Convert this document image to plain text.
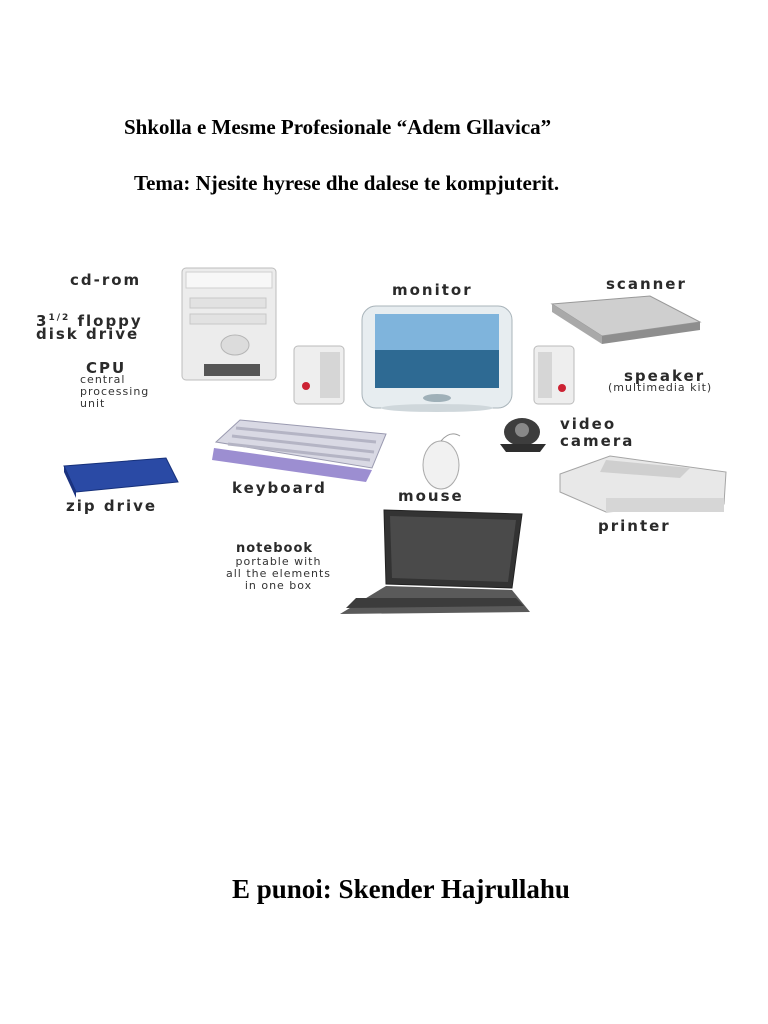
Shkolla e Mesme Profesionale “Adem Gllavica”
Tema: Njesite hyrese dhe dalese te kompjuterit.
cd-rom
$3^{1/2}$ floppy
disk drive
CPU
central
processing
unit
monitor	scanner
speaker
(multimedia kit)
video
camera
keyboard	mouse
zip drive
printer
notebook
portable with
all the elements
in one box
E punoi: Skender Hajrullahu
